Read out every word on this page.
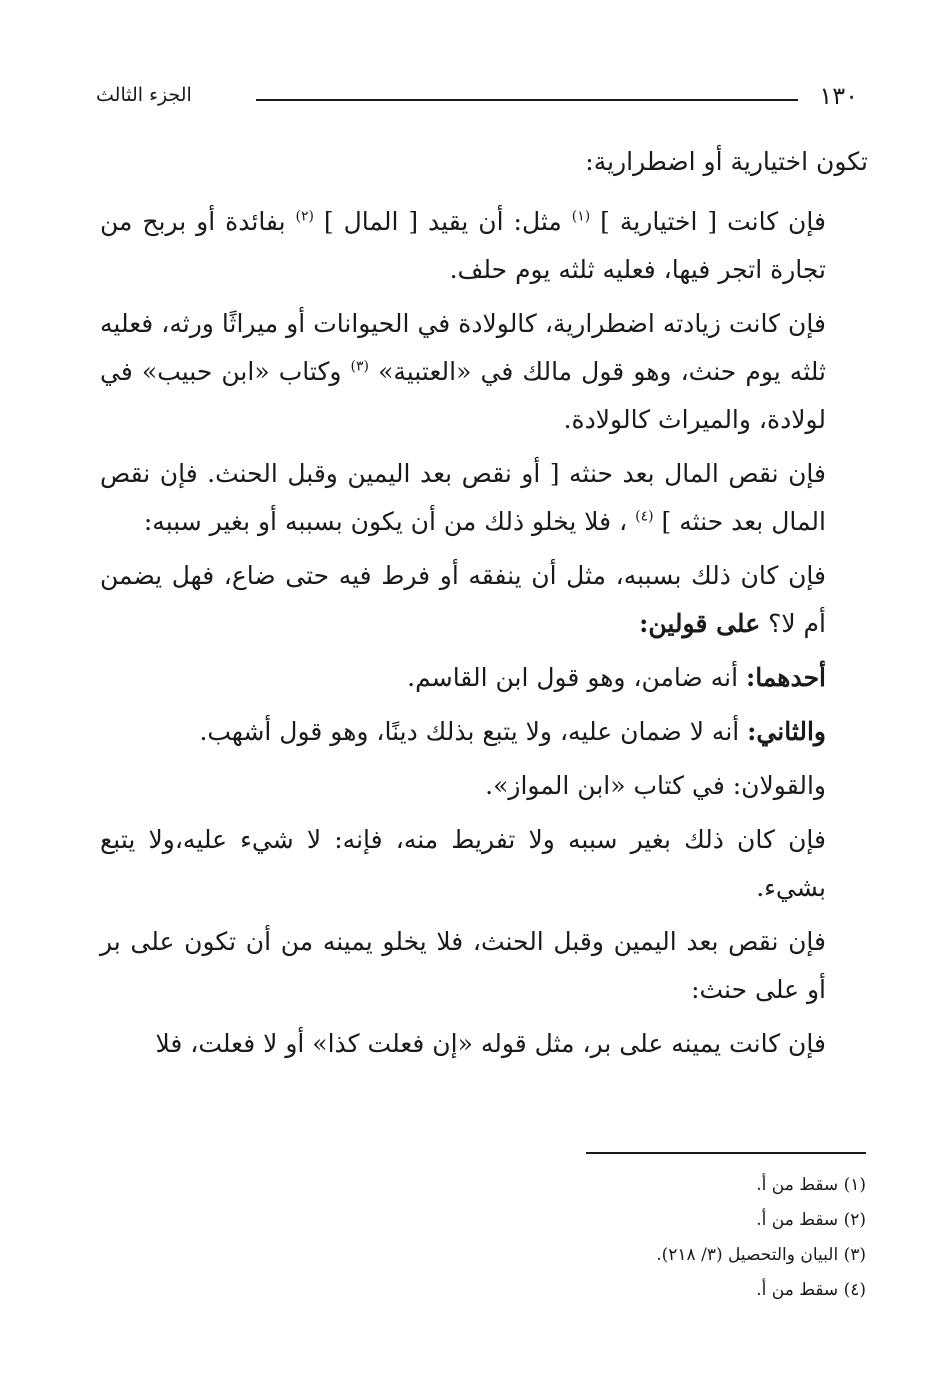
١٣٠
الجزء الثالث

تكون اختيارية أو اضطرارية:

فإن كانت [ اختيارية ] $^{(١)}$ مثل: أن يقيد [ المال ] $^{(٢)}$ بفائدة أو بربح من تجارة اتجر فيها، فعليه ثلثه يوم حلف.

فإن كانت زيادته اضطرارية، كالولادة في الحيوانات أو ميراثًا ورثه، فعليه ثلثه يوم حنث، وهو قول مالك في «العتبية» $^{(٣)}$ وكتاب «ابن حبيب» في لولادة، والميراث كالولادة.

فإن نقص المال بعد حنثه [ أو نقص بعد اليمين وقبل الحنث. فإن نقص المال بعد حنثه ] $^{(٤)}$ ، فلا يخلو ذلك من أن يكون بسببه أو بغير سببه:

فإن كان ذلك بسببه، مثل أن ينفقه أو فرط فيه حتى ضاع، فهل يضمن أم لا؟ على قولين:

أحدهما: أنه ضامن، وهو قول ابن القاسم.

والثاني: أنه لا ضمان عليه، ولا يتبع بذلك دينًا، وهو قول أشهب.

والقولان: في كتاب «ابن المواز».

فإن كان ذلك بغير سببه ولا تفريط منه، فإنه: لا شيء عليه،ولا يتبع بشيء.

فإن نقص بعد اليمين وقبل الحنث، فلا يخلو يمينه من أن تكون على بر أو على حنث:

فإن كانت يمينه على بر، مثل قوله «إن فعلت كذا» أو لا فعلت، فلا

(١) سقط من أ.
(٢) سقط من أ.
(٣) البيان والتحصيل (٣/ ٢١٨).
(٤) سقط من أ.
